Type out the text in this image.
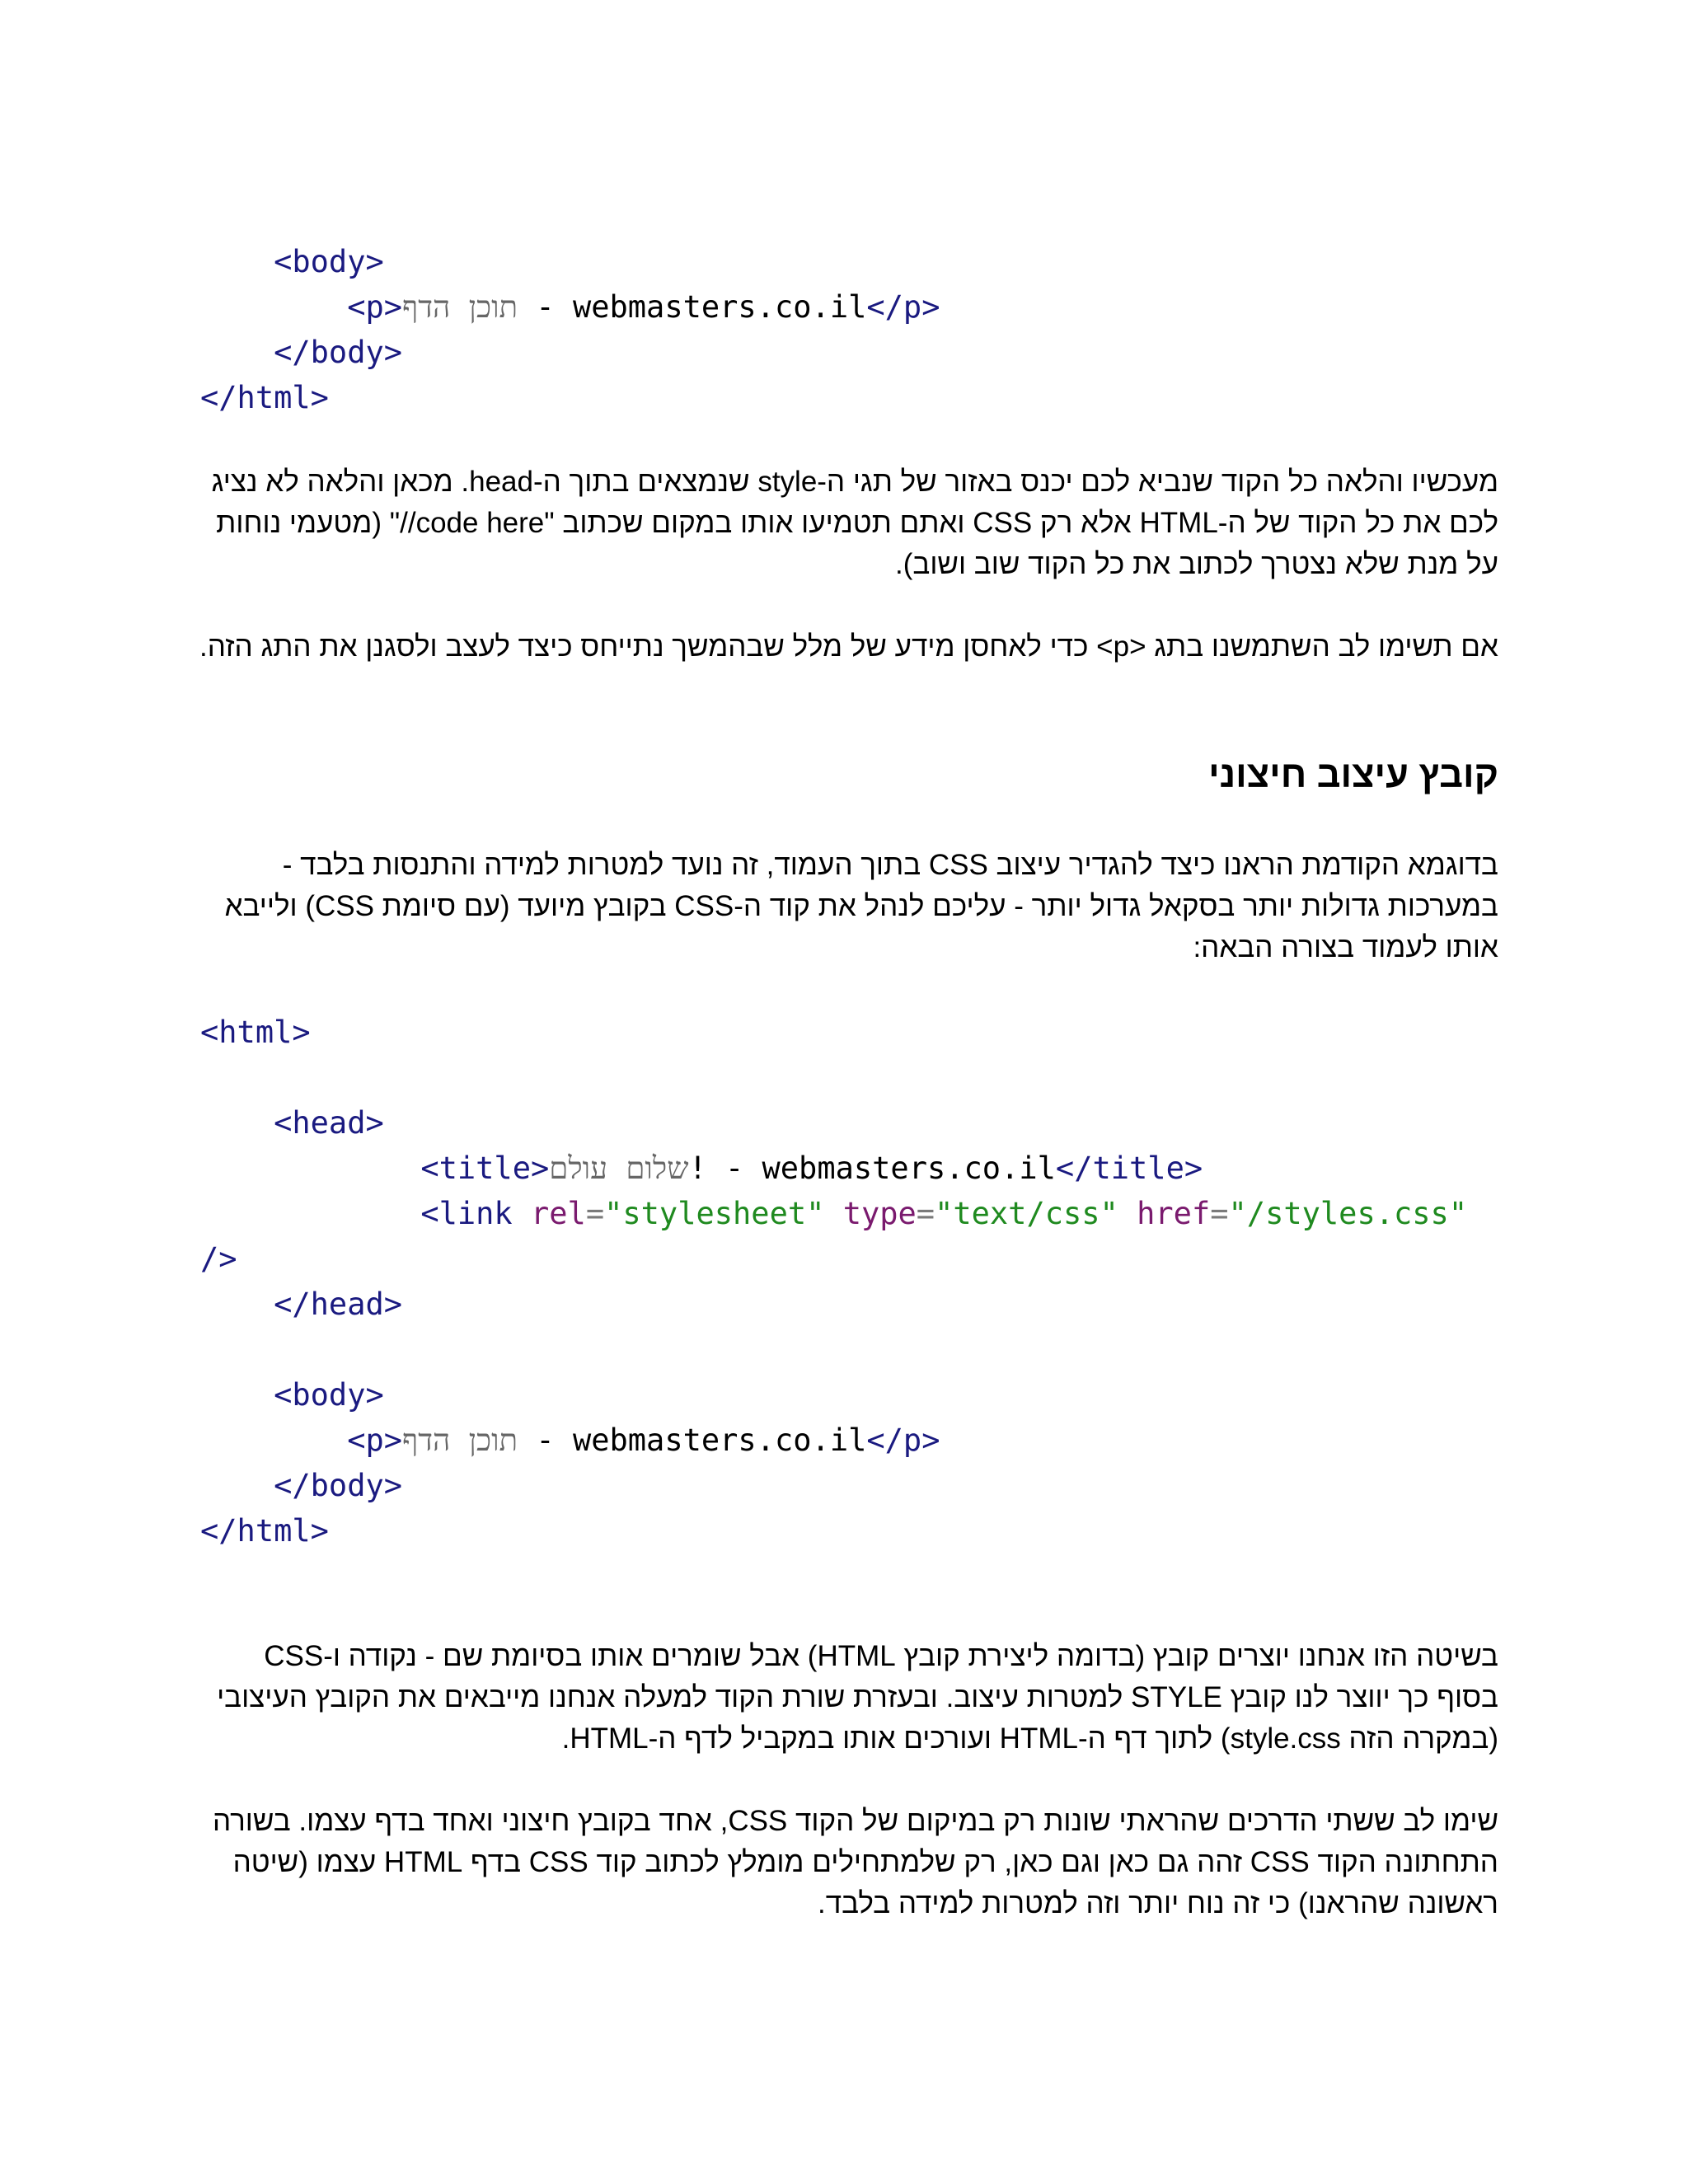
<body>
<p>תוכן הדף - webmasters.co.il</p>
</body>
</html>
מעכשיו והלאה כל הקוד שנביא לכם יכנס באזור של תגי ה-style שנמצאים בתוך ה-head. מכאן והלאה לא נציג
לכם את כל הקוד של ה-HTML אלא רק CSS ואתם תטמיעו אותו במקום שכתוב "code here//" (מטעמי נוחות
על מנת שלא נצטרך לכתוב את כל הקוד שוב ושוב).
אם תשימו לב השתמשנו בתג <p> כדי לאחסן מידע של מלל שבהמשך נתייחס כיצד לעצב ולסגנן את התג הזה.
קובץ עיצוב חיצוני
בדוגמא הקודמת הראנו כיצד להגדיר עיצוב CSS בתוך העמוד, זה נועד למטרות למידה והתנסות בלבד -
במערכות גדולות יותר בסקאל גדול יותר - עליכם לנהל את קוד ה-CSS בקובץ מיועד (עם סיומת CSS) ולייבא
אותו לעמוד בצורה הבאה:
<html>
<head>
<title>שלום עולם! - webmasters.co.il</title>
<link rel="stylesheet" type="text/css" href="/styles.css"
/>
</head>
<body>
<p>תוכן הדף - webmasters.co.il</p>
</body>
</html>
בשיטה הזו אנחנו יוצרים קובץ (בדומה ליצירת קובץ HTML) אבל שומרים אותו בסיומת שם - נקודה ו-CSS
בסוף כך יווצר לנו קובץ STYLE למטרות עיצוב. ובעזרת שורת הקוד למעלה אנחנו מייבאים את הקובץ העיצובי
(במקרה הזה style.css) לתוך דף ה-HTML ועורכים אותו במקביל לדף ה-HTML.
שימו לב ששתי הדרכים שהראתי שונות רק במיקום של הקוד CSS, אחד בקובץ חיצוני ואחד בדף עצמו. בשורה
התחתונה הקוד CSS זהה גם כאן וגם כאן, רק שלמתחילים מומלץ לכתוב קוד CSS בדף HTML עצמו (שיטה
ראשונה שהראנו) כי זה נוח יותר וזה למטרות למידה בלבד.
